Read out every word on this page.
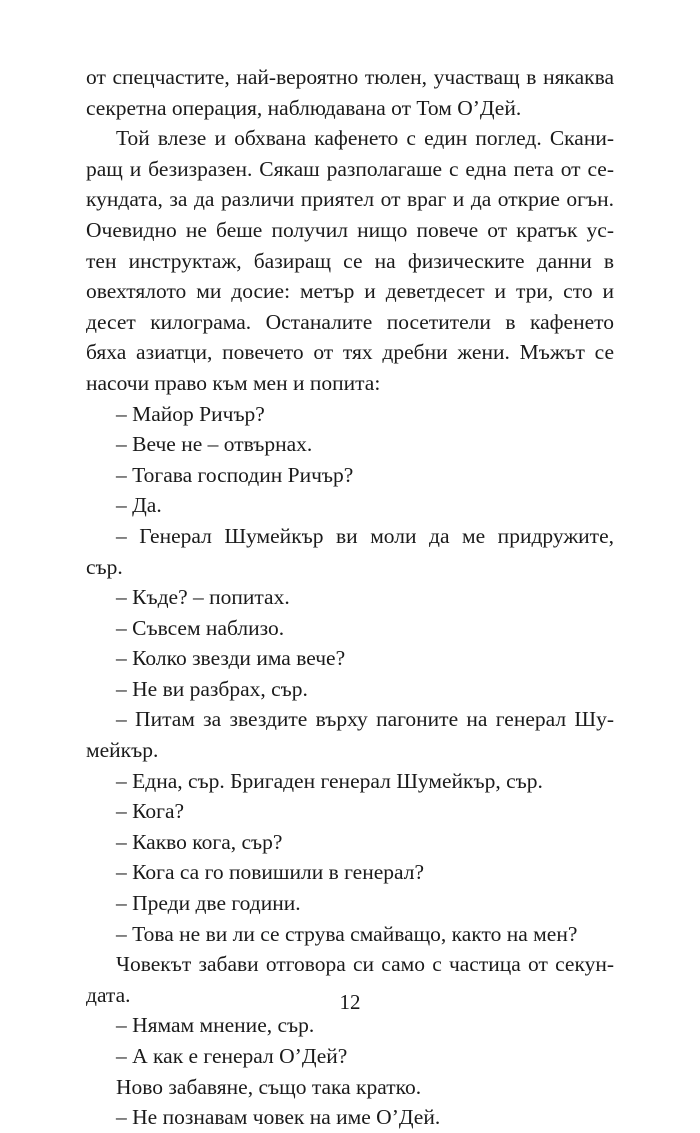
от спецчастите, най-вероятно тюлен, участващ в някаква
секретна операция, наблюдавана от Том О’Дей.
Той влезе и обхвана кафенето с един поглед. Скани-
ращ и безизразен. Сякаш разполагаше с една пета от се-
кундата, за да различи приятел от враг и да открие огън.
Очевидно не беше получил нищо повече от кратък ус-
тен инструктаж, базиращ се на физическите данни в
овехтялото ми досие: метър и деветдесет и три, сто и
десет килограма. Останалите посетители в кафенето
бяха азиатци, повечето от тях дребни жени. Мъжът се
насочи право към мен и попита:
– Майор Ричър?
– Вече не – отвърнах.
– Тогава господин Ричър?
– Да.
– Генерал Шумейкър ви моли да ме придружите,
сър.
– Къде? – попитах.
– Съвсем наблизо.
– Колко звезди има вече?
– Не ви разбрах, сър.
– Питам за звездите върху пагоните на генерал Шу-
мейкър.
– Една, сър. Бригаден генерал Шумейкър, сър.
– Кога?
– Какво кога, сър?
– Кога са го повишили в генерал?
– Преди две години.
– Това не ви ли се струва смайващо, както на мен?
Човекът забави отговора си само с частица от секун-
дата.
– Нямам мнение, сър.
– А как е генерал О’Дей?
Ново забавяне, също така кратко.
– Не познавам човек на име О’Дей.
12
